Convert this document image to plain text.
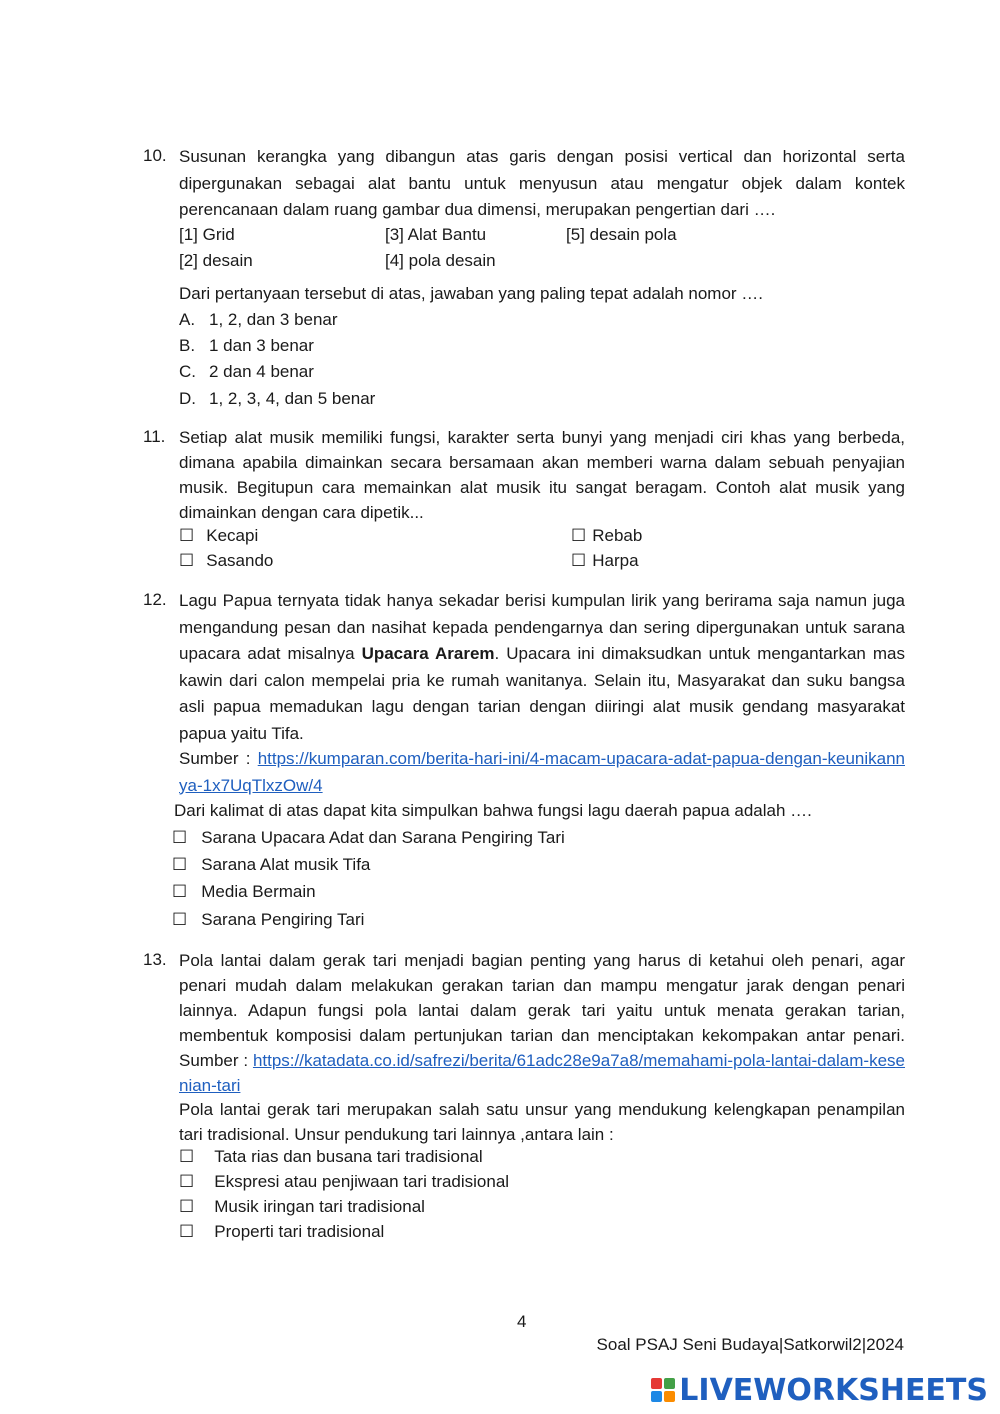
10. Susunan kerangka yang dibangun atas garis dengan posisi vertical dan horizontal serta dipergunakan sebagai alat bantu untuk menyusun atau mengatur objek dalam kontek perencanaan dalam ruang gambar dua dimensi, merupakan pengertian dari ….
[1] Grid	[3] Alat Bantu	[5] desain pola
[2] desain	[4] pola desain
Dari pertanyaan tersebut di atas, jawaban yang paling tepat adalah nomor ….
A. 1, 2, dan 3 benar
B. 1 dan 3 benar
C. 2 dan 4 benar
D. 1, 2, 3, 4, dan 5 benar
11. Setiap alat musik memiliki fungsi, karakter serta bunyi yang menjadi ciri khas yang berbeda, dimana apabila dimainkan secara bersamaan akan memberi warna dalam sebuah penyajian musik. Begitupun cara memainkan alat musik itu sangat beragam. Contoh alat musik yang dimainkan dengan cara dipetik...
☐ Kecapi	☐ Rebab
☐ Sasando	☐ Harpa
12. Lagu Papua ternyata tidak hanya sekadar berisi kumpulan lirik yang berirama saja namun juga mengandung pesan dan nasihat kepada pendengarnya dan sering dipergunakan untuk sarana upacara adat misalnya Upacara Ararem. Upacara ini dimaksudkan untuk mengantarkan mas kawin dari calon mempelai pria ke rumah wanitanya. Selain itu, Masyarakat dan suku bangsa asli papua memadukan lagu dengan tarian dengan diiringi alat musik gendang masyarakat papua yaitu Tifa.
Sumber : https://kumparan.com/berita-hari-ini/4-macam-upacara-adat-papua-dengan-keunikannya-1x7UqTlxzOw/4
Dari kalimat di atas dapat kita simpulkan bahwa fungsi lagu daerah papua adalah ….
☐ Sarana Upacara Adat dan Sarana Pengiring Tari
☐ Sarana Alat musik Tifa
☐ Media Bermain
☐ Sarana Pengiring Tari
13. Pola lantai dalam gerak tari menjadi bagian penting yang harus di ketahui oleh penari, agar penari mudah dalam melakukan gerakan tarian dan mampu mengatur jarak dengan penari lainnya. Adapun fungsi pola lantai dalam gerak tari yaitu untuk menata gerakan tarian, membentuk komposisi dalam pertunjukan tarian dan menciptakan kekompakan antar penari. Sumber : https://katadata.co.id/safrezi/berita/61adc28e9a7a8/memahami-pola-lantai-dalam-kesenian-tari
Pola lantai gerak tari merupakan salah satu unsur yang mendukung kelengkapan penampilan tari tradisional. Unsur pendukung tari lainnya ,antara lain :
☐ Tata rias dan busana tari tradisional
☐ Ekspresi atau penjiwaan tari tradisional
☐ Musik iringan tari tradisional
☐ Properti tari tradisional
4
Soal PSAJ Seni Budaya|Satkorwil2|2024
LIVEWORKSHEETS
